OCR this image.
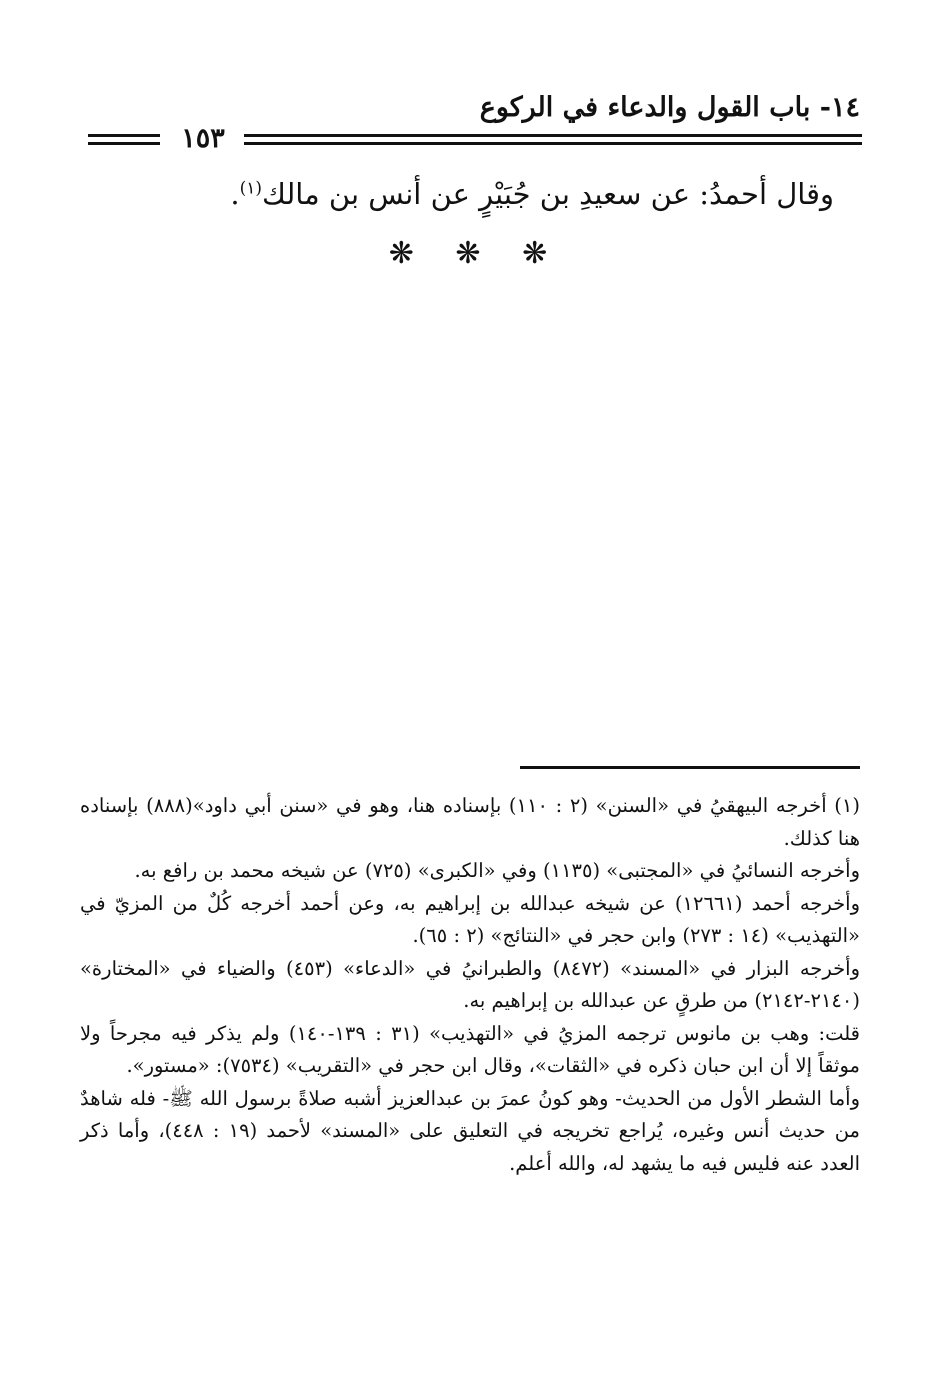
١٤- باب القول والدعاء في الركوع
١٥٣
وقال أحمدُ: عن سعيدِ بن جُبَيْرٍ عن أنس بن مالك$^{(١)}$.
❋ ❋ ❋

(١) أخرجه البيهقيُ في «السنن» (٢ : ١١٠) بإسناده هنا، وهو في «سنن أبي داود»(٨٨٨) بإسناده هنا كذلك.

وأخرجه النسائيُ في «المجتبى» (١١٣٥) وفي «الكبرى» (٧٢٥) عن شيخه محمد بن رافع به.

وأخرجه أحمد (١٢٦٦١) عن شيخه عبدالله بن إبراهيم به، وعن أحمد أخرجه كُلٌ من المزيّ في «التهذيب» (١٤ : ٢٧٣) وابن حجر في «النتائج» (٢ : ٦٥).

وأخرجه البزار في «المسند» (٨٤٧٢) والطبرانيُ في «الدعاء» (٤٥٣) والضياء في «المختارة» (٢١٤٠-٢١٤٢) من طرقٍ عن عبدالله بن إبراهيم به.

قلت: وهب بن مانوس ترجمه المزيُ في «التهذيب» (٣١ : ١٣٩-١٤٠) ولم يذكر فيه مجرحاً ولا موثقاً إلا أن ابن حبان ذكره في «الثقات»، وقال ابن حجر في «التقريب» (٧٥٣٤): «مستور».

وأما الشطر الأول من الحديث- وهو كونُ عمرَ بن عبدالعزيز أشبه صلاةً برسول الله ﷺ- فله شاهدٌ من حديث أنس وغيره، يُراجع تخريجه في التعليق على «المسند» لأحمد (١٩ : ٤٤٨)، وأما ذكر العدد عنه فليس فيه ما يشهد له، والله أعلم.
